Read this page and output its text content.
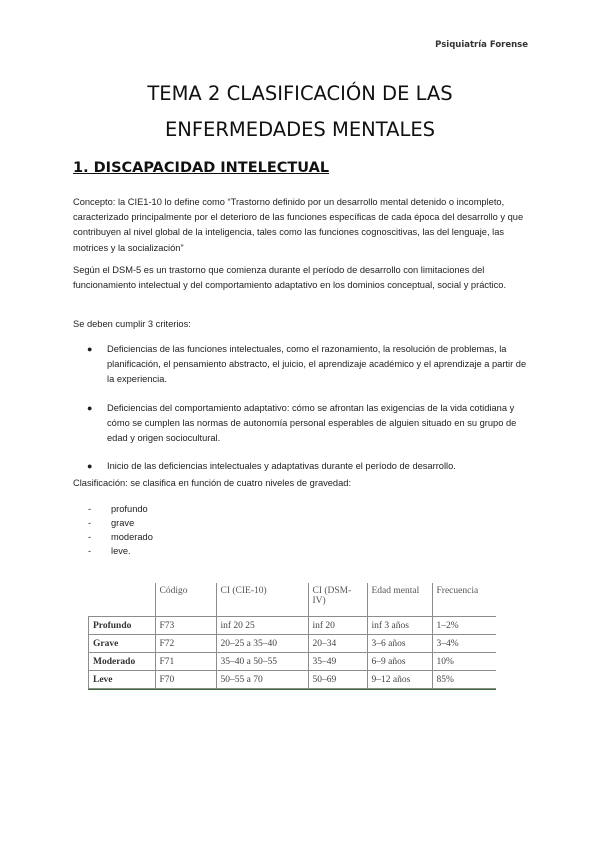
Psiquiatría Forense
TEMA 2 CLASIFICACIÓN DE LAS
ENFERMEDADES MENTALES
1. DISCAPACIDAD INTELECTUAL
Concepto: la CIE1-10 lo define como “Trastorno definido por un desarrollo mental detenido o incompleto, caracterizado principalmente por el deterioro de las funciones específicas de cada época del desarrollo y que contribuyen al nivel global de la inteligencia, tales como las funciones cognoscitivas, las del lenguaje, las motrices y la socialización”
Según el DSM-5 es un trastorno que comienza durante el período de desarrollo con limitaciones del funcionamiento intelectual y del comportamiento adaptativo en los dominios conceptual, social y práctico.
Se deben cumplir 3 criterios:
● Deficiencias de las funciones intelectuales, como el razonamiento, la resolución de problemas, la planificación, el pensamiento abstracto, el juicio, el aprendizaje académico y el aprendizaje a partir de la experiencia.
● Deficiencias del comportamiento adaptativo: cómo se afrontan las exigencias de la vida cotidiana y cómo se cumplen las normas de autonomía personal esperables de alguien situado en su grupo de edad y origen sociocultural.
● Inicio de las deficiencias intelectuales y adaptativas durante el período de desarrollo.
Clasificación: se clasifica en función de cuatro niveles de gravedad:
- profundo
- grave
- moderado
- leve.
	Código	CI (CIE-10)	CI (DSM-IV)	Edad mental	Frecuencia
Profundo	F73	inf 20 25	inf 20	inf 3 años	1–2%
Grave	F72	20–25 a 35–40	20–34	3–6 años	3–4%
Moderado	F71	35–40 a 50–55	35–49	6–9 años	10%
Leve	F70	50–55 a 70	50–69	9–12 años	85%
